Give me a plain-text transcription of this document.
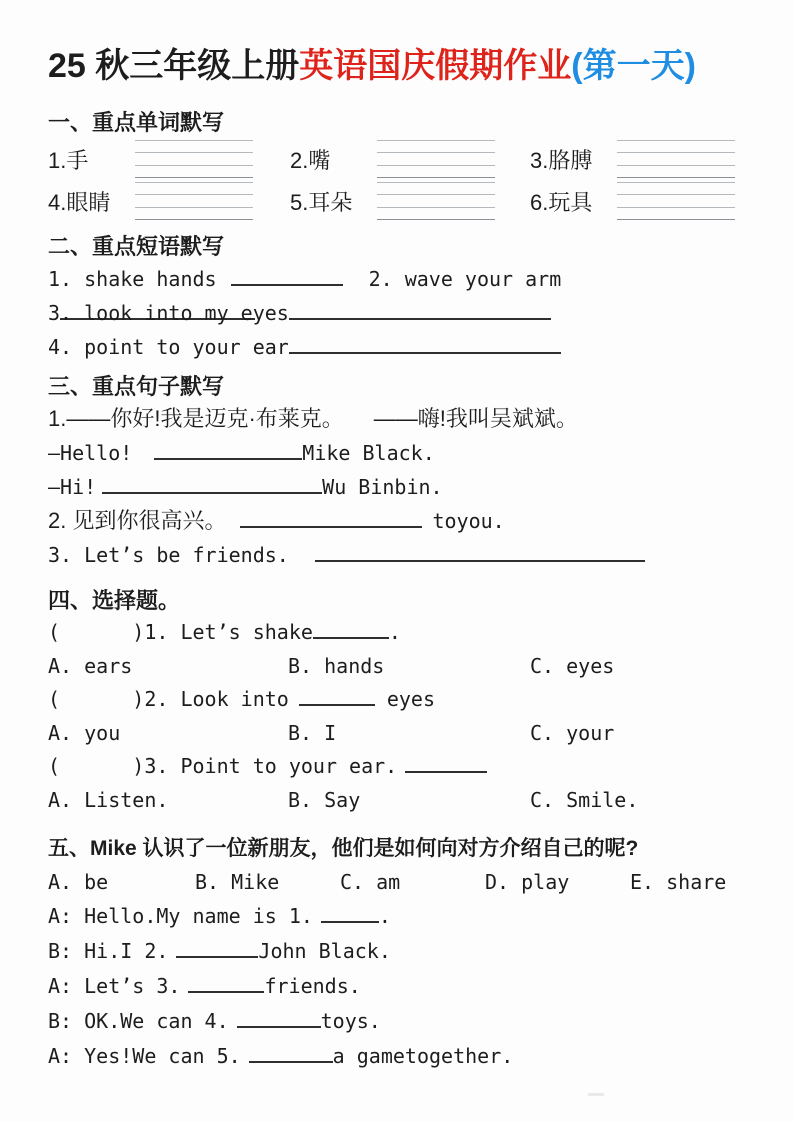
25 秋三年级上册英语国庆假期作业(第一天)
一、重点单词默写
1.手	2.嘴	3.胳膊
4.眼睛	5.耳朵	6.玩具
二、重点短语默写
1. shake hands	2. wave your arm
3. look into my eyes
4. point to your ear
三、重点句子默写
1.——你好!我是迈克·布莱克。 ——嗨!我叫吴斌斌。
—Hello!	Mike Black.
—Hi!	Wu Binbin.
2. 见到你很高兴。	toyou.
3. Let’s be friends.
四、选择题。
(      )1. Let’s shake	.
A. ears	B. hands	C. eyes
(      )2. Look into	eyes
A. you	B. I	C. your
(      )3. Point to your ear.
A. Listen.	B. Say	C. Smile.
五、Mike 认识了一位新朋友，他们是如何向对方介绍自己的呢?
A. be	B. Mike	C. am	D. play	E. share
A: Hello.My name is 1.	.
B: Hi.I 2.	John Black.
A: Let’s 3.	friends.
B: OK.We can 4.	toys.
A: Yes!We can 5.	a gametogether.
